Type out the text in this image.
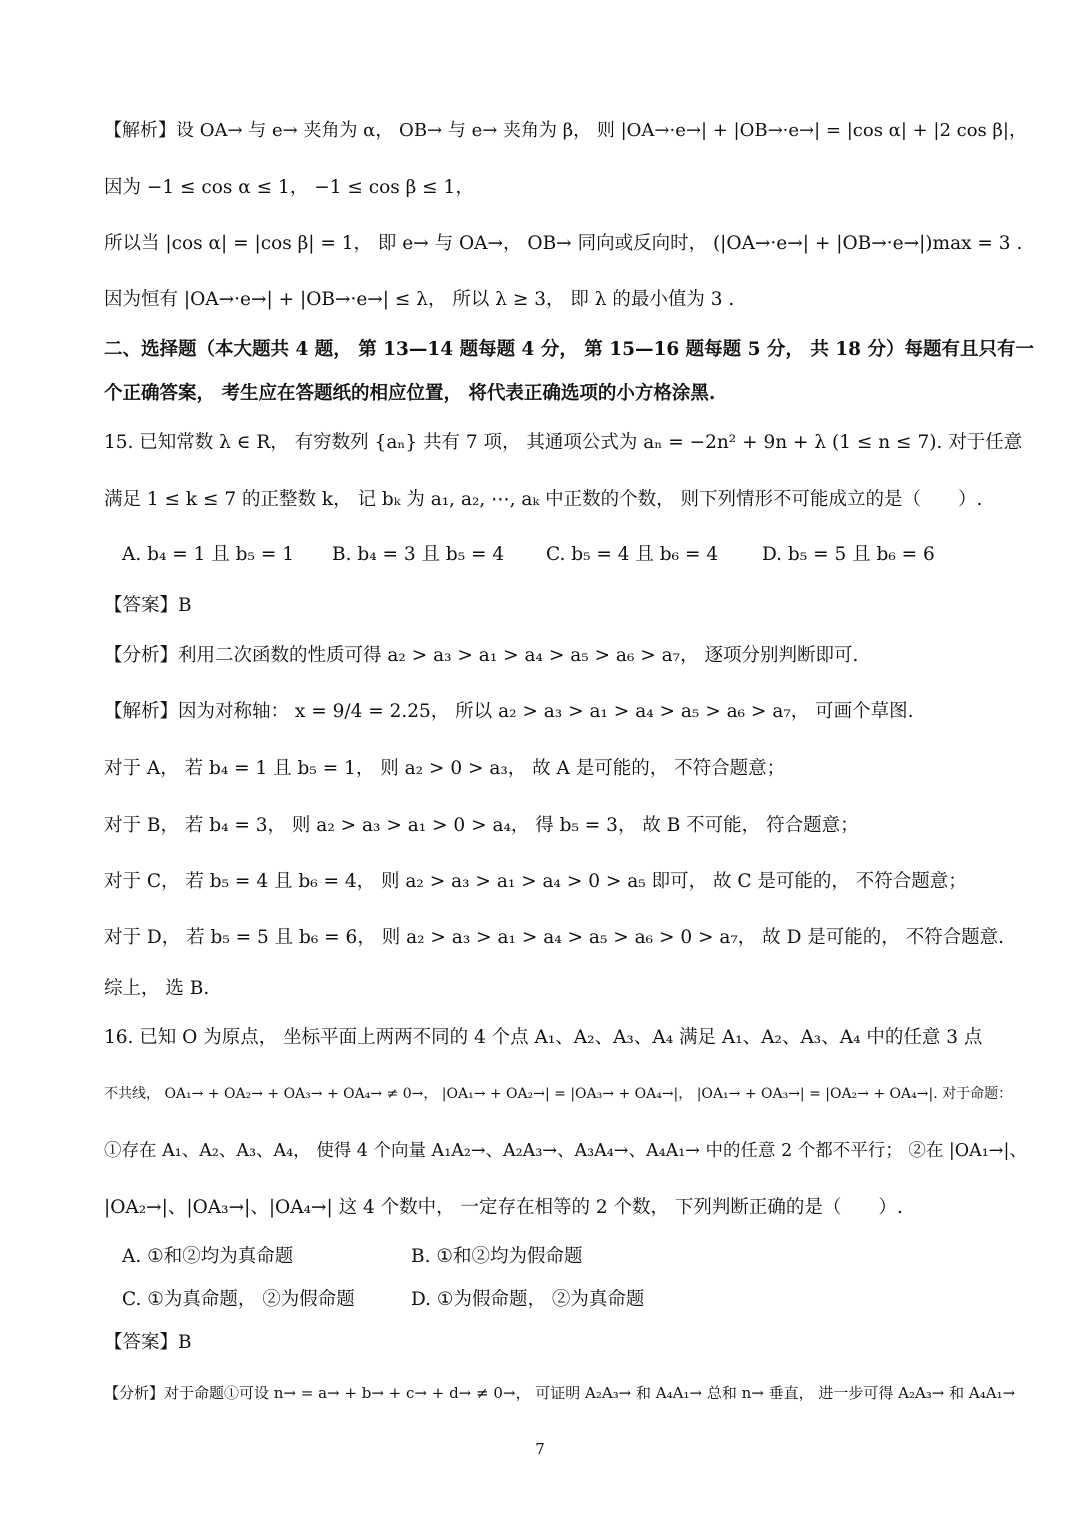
【解析】设 OA→ 与 e→ 夹角为 α， OB→ 与 e→ 夹角为 β， 则 |OA→·e→| + |OB→·e→| = |cos α| + |2 cos β|，
因为 −1 ≤ cos α ≤ 1， −1 ≤ cos β ≤ 1，
所以当 |cos α| = |cos β| = 1， 即 e→ 与 OA→， OB→ 同向或反向时， (|OA→·e→| + |OB→·e→|)max = 3 .
因为恒有 |OA→·e→| + |OB→·e→| ≤ λ， 所以 λ ≥ 3， 即 λ 的最小值为 3 .
二、选择题（本大题共 4 题， 第 13—14 题每题 4 分， 第 15—16 题每题 5 分， 共 18 分）每题有且只有一
个正确答案， 考生应在答题纸的相应位置， 将代表正确选项的小方格涂黑.
15. 已知常数 λ ∈ R， 有穷数列 {aₙ} 共有 7 项， 其通项公式为 aₙ = −2n² + 9n + λ (1 ≤ n ≤ 7). 对于任意
满足 1 ≤ k ≤ 7 的正整数 k， 记 bₖ 为 a₁, a₂, ⋯, aₖ 中正数的个数， 则下列情形不可能成立的是（　　）.
A. b₄ = 1 且 b₅ = 1 B. b₄ = 3 且 b₅ = 4 C. b₅ = 4 且 b₆ = 4 D. b₅ = 5 且 b₆ = 6
【答案】B
【分析】利用二次函数的性质可得 a₂ > a₃ > a₁ > a₄ > a₅ > a₆ > a₇， 逐项分别判断即可.
【解析】因为对称轴： x = 9/4 = 2.25， 所以 a₂ > a₃ > a₁ > a₄ > a₅ > a₆ > a₇， 可画个草图.
对于 A， 若 b₄ = 1 且 b₅ = 1， 则 a₂ > 0 > a₃， 故 A 是可能的， 不符合题意；
对于 B， 若 b₄ = 3， 则 a₂ > a₃ > a₁ > 0 > a₄， 得 b₅ = 3， 故 B 不可能， 符合题意；
对于 C， 若 b₅ = 4 且 b₆ = 4， 则 a₂ > a₃ > a₁ > a₄ > 0 > a₅ 即可， 故 C 是可能的， 不符合题意；
对于 D， 若 b₅ = 5 且 b₆ = 6， 则 a₂ > a₃ > a₁ > a₄ > a₅ > a₆ > 0 > a₇， 故 D 是可能的， 不符合题意.
综上， 选 B.
16. 已知 O 为原点， 坐标平面上两两不同的 4 个点 A₁、A₂、A₃、A₄ 满足 A₁、A₂、A₃、A₄ 中的任意 3 点
不共线， OA₁→ + OA₂→ + OA₃→ + OA₄→ ≠ 0→， |OA₁→ + OA₂→| = |OA₃→ + OA₄→|， |OA₁→ + OA₃→| = |OA₂→ + OA₄→|. 对于命题：
①存在 A₁、A₂、A₃、A₄， 使得 4 个向量 A₁A₂→、A₂A₃→、A₃A₄→、A₄A₁→ 中的任意 2 个都不平行； ②在 |OA₁→|、
|OA₂→|、|OA₃→|、|OA₄→| 这 4 个数中， 一定存在相等的 2 个数， 下列判断正确的是（　　）.
A. ①和②均为真命题	B. ①和②均为假命题
C. ①为真命题， ②为假命题	D. ①为假命题， ②为真命题
【答案】B
【分析】对于命题①可设 n→ = a→ + b→ + c→ + d→ ≠ 0→， 可证明 A₂A₃→ 和 A₄A₁→ 总和 n→ 垂直， 进一步可得 A₂A₃→ 和 A₄A₁→
7
